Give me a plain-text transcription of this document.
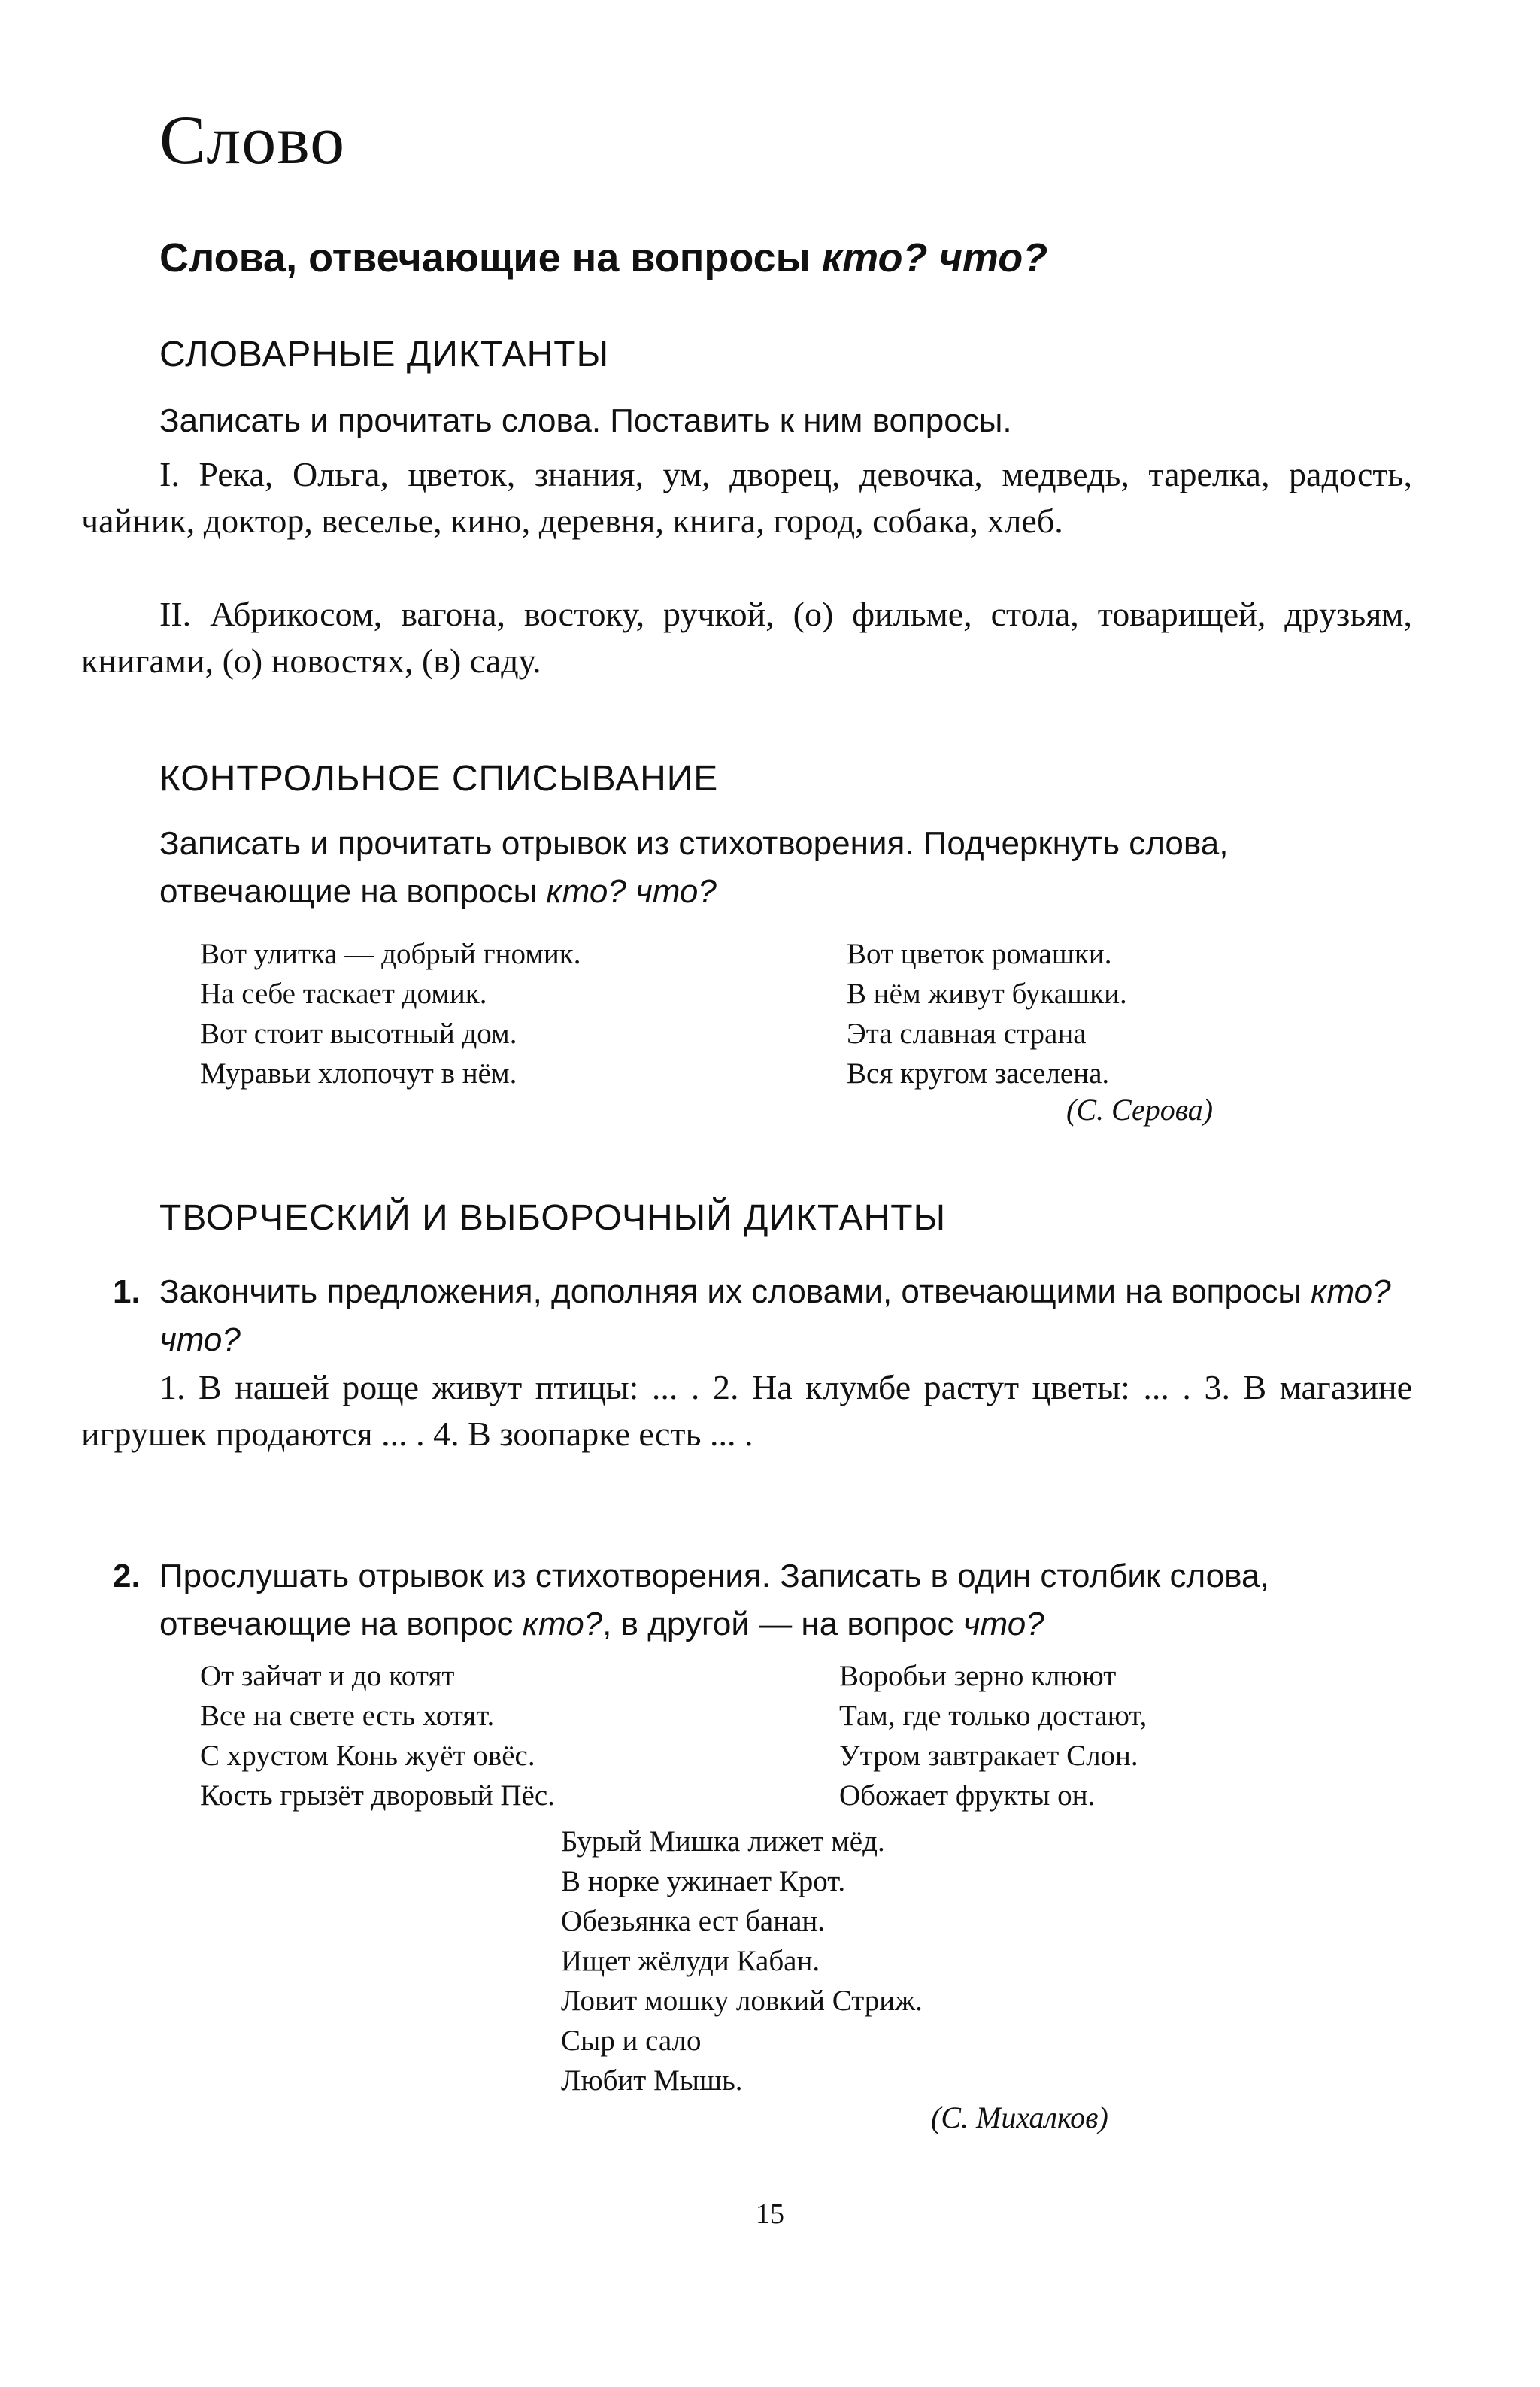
Слово
Слова, отвечающие на вопросы кто? что?
СЛОВАРНЫЕ ДИКТАНТЫ

Записать и прочитать слова. Поставить к ним вопросы.

I. Река, Ольга, цветок, знания, ум, дворец, девочка, медведь, тарелка, радость, чайник, доктор, веселье, кино, деревня, книга, город, собака, хлеб.

II. Абрикосом, вагона, востоку, ручкой, (о) фильме, стола, товарищей, друзьям, книгами, (о) новостях, (в) саду.

КОНТРОЛЬНОЕ СПИСЫВАНИЕ

Записать и прочитать отрывок из стихотворения. Подчеркнуть слова, отвечающие на вопросы кто? что?

Вот улитка — добрый гномик.
На себе таскает домик.
Вот стоит высотный дом.
Муравьи хлопочут в нём.
Вот цветок ромашки.
В нём живут букашки.
Эта славная страна
Вся кругом заселена.

(С. Серова)

ТВОРЧЕСКИЙ И ВЫБОРОЧНЫЙ ДИКТАНТЫ

1. Закончить предложения, дополняя их словами, отвечающими на вопросы кто? что?

1. В нашей роще живут птицы: ... . 2. На клумбе растут цветы: ... . 3. В магазине игрушек продаются ... . 4. В зоопарке есть ... .

2. Прослушать отрывок из стихотворения. Записать в один столбик слова, отвечающие на вопрос кто?, в другой — на вопрос что?

От зайчат и до котят
Все на свете есть хотят.
С хрустом Конь жуёт овёс.
Кость грызёт дворовый Пёс.
Воробьи зерно клюют
Там, где только достают,
Утром завтракает Слон.
Обожает фрукты он.
Бурый Мишка лижет мёд.
В норке ужинает Крот.
Обезьянка ест банан.
Ищет жёлуди Кабан.
Ловит мошку ловкий Стриж.
Сыр и сало
Любит Мышь.

(С. Михалков)

15
